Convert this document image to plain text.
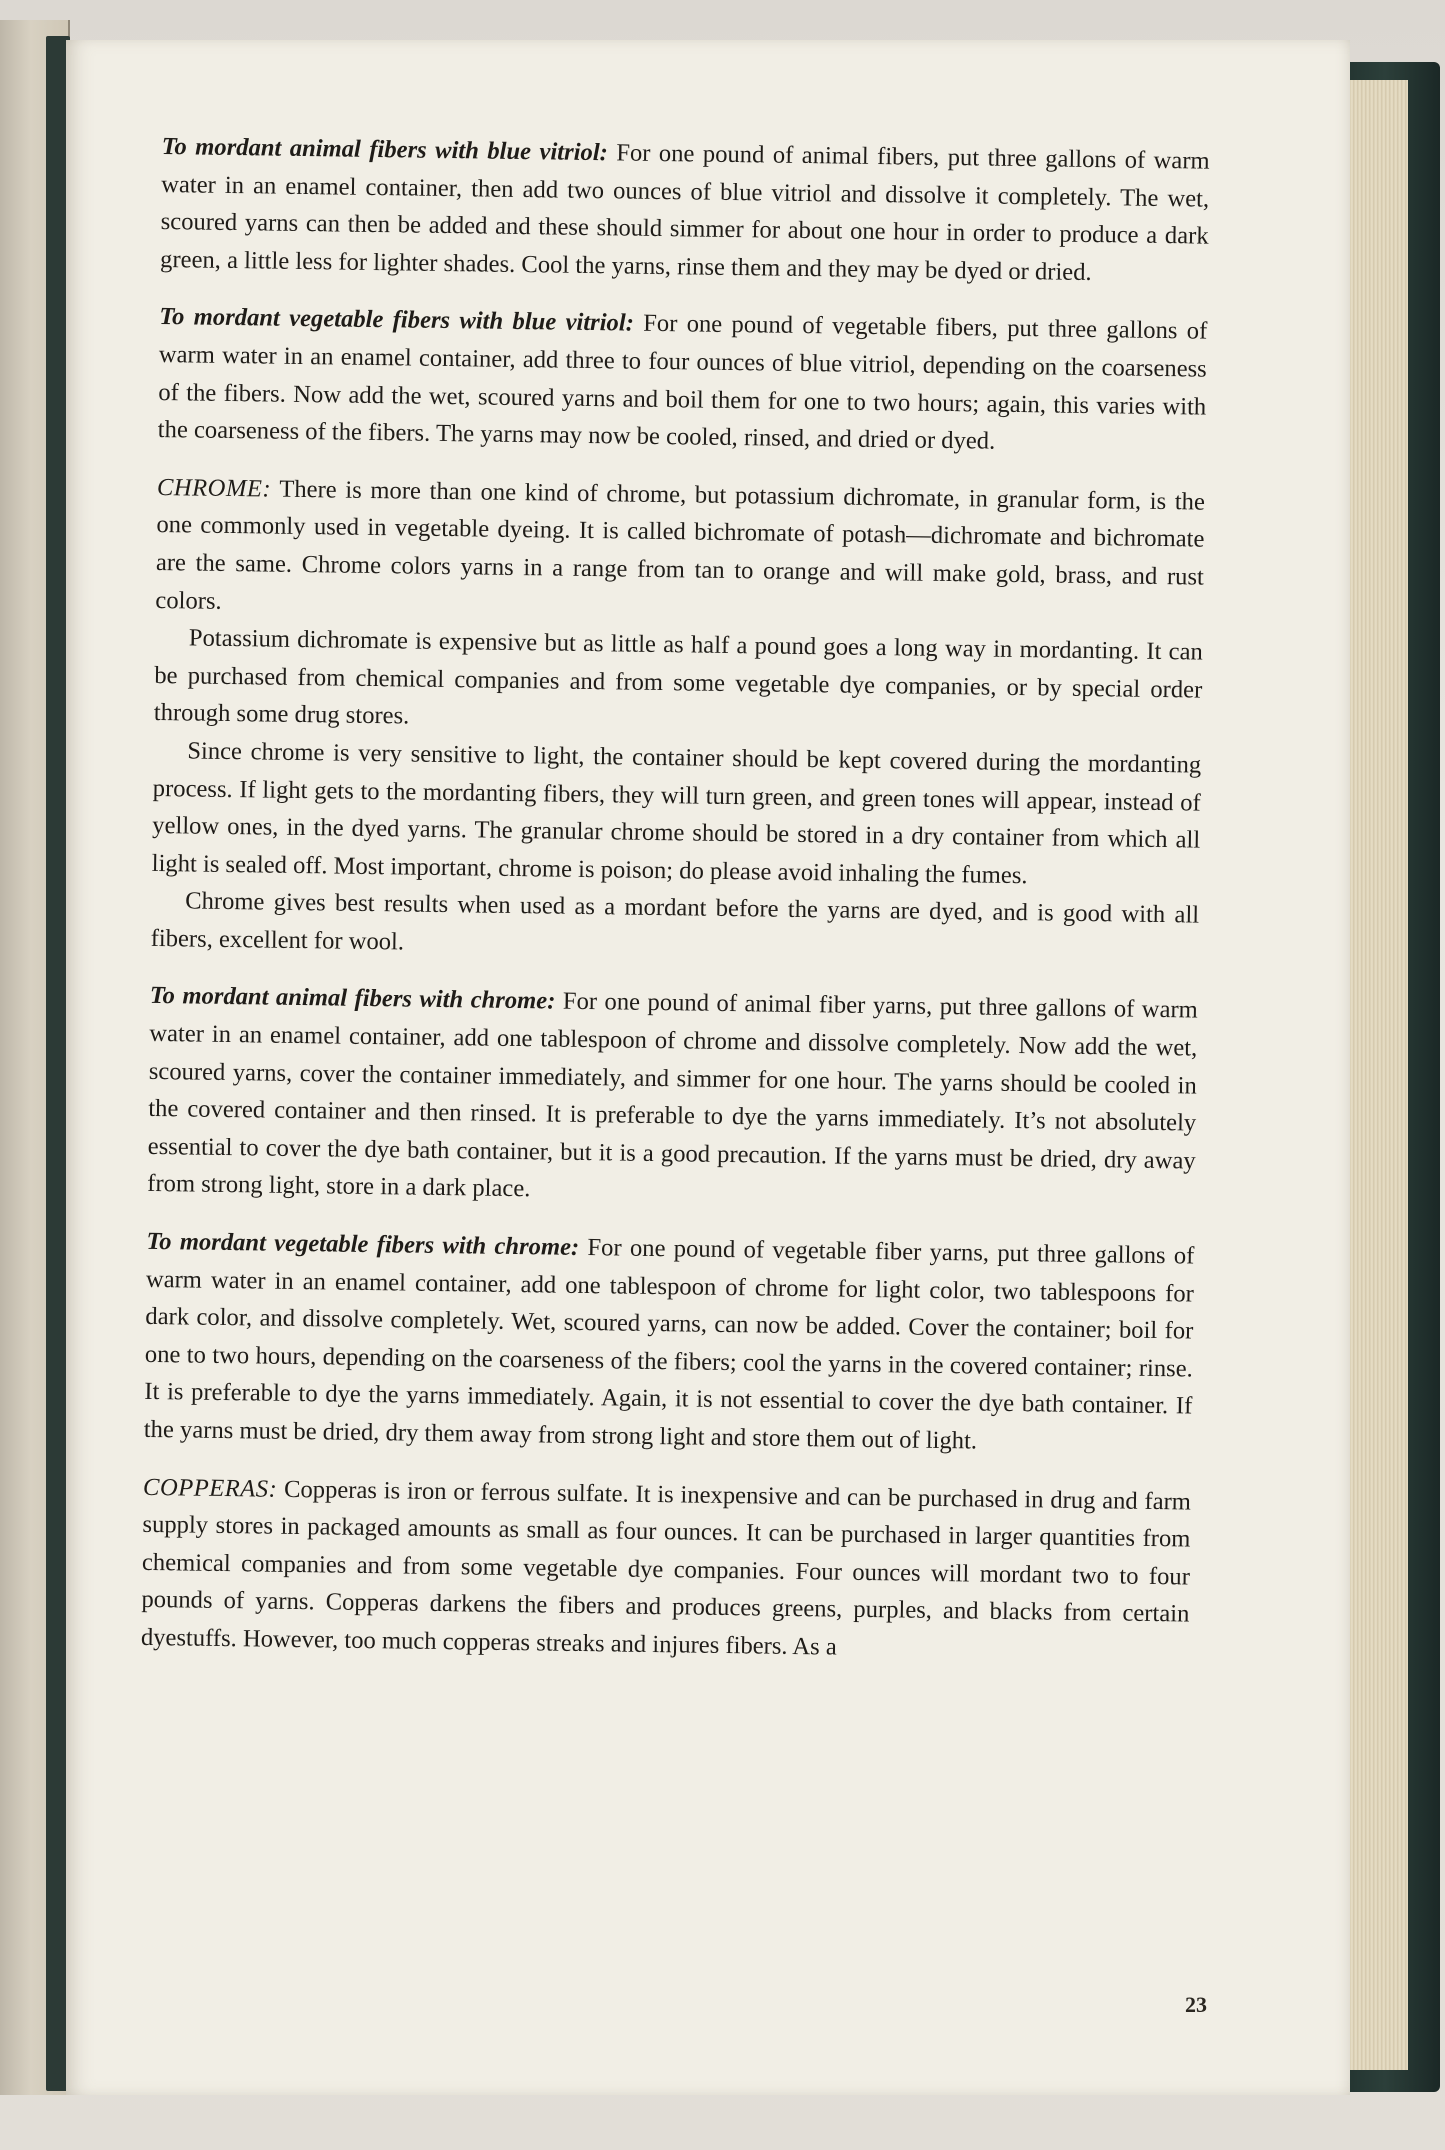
To mordant animal fibers with blue vitriol: For one pound of animal fibers, put three gallons of warm water in an enamel container, then add two ounces of blue vitriol and dissolve it completely. The wet, scoured yarns can then be added and these should simmer for about one hour in order to produce a dark green, a little less for lighter shades. Cool the yarns, rinse them and they may be dyed or dried.

To mordant vegetable fibers with blue vitriol: For one pound of vegetable fibers, put three gallons of warm water in an enamel container, add three to four ounces of blue vitriol, depending on the coarseness of the fibers. Now add the wet, scoured yarns and boil them for one to two hours; again, this varies with the coarseness of the fibers. The yarns may now be cooled, rinsed, and dried or dyed.

CHROME: There is more than one kind of chrome, but potassium dichromate, in granular form, is the one commonly used in vegetable dyeing. It is called bichromate of potash—dichromate and bichromate are the same. Chrome colors yarns in a range from tan to orange and will make gold, brass, and rust colors.

Potassium dichromate is expensive but as little as half a pound goes a long way in mordanting. It can be purchased from chemical companies and from some vegetable dye companies, or by special order through some drug stores.

Since chrome is very sensitive to light, the container should be kept covered during the mordanting process. If light gets to the mordanting fibers, they will turn green, and green tones will appear, instead of yellow ones, in the dyed yarns. The granular chrome should be stored in a dry container from which all light is sealed off. Most important, chrome is poison; do please avoid inhaling the fumes.

Chrome gives best results when used as a mordant before the yarns are dyed, and is good with all fibers, excellent for wool.

To mordant animal fibers with chrome: For one pound of animal fiber yarns, put three gallons of warm water in an enamel container, add one tablespoon of chrome and dissolve completely. Now add the wet, scoured yarns, cover the container immediately, and simmer for one hour. The yarns should be cooled in the covered container and then rinsed. It is preferable to dye the yarns immediately. It’s not absolutely essential to cover the dye bath container, but it is a good precaution. If the yarns must be dried, dry away from strong light, store in a dark place.

To mordant vegetable fibers with chrome: For one pound of vegetable fiber yarns, put three gallons of warm water in an enamel container, add one tablespoon of chrome for light color, two tablespoons for dark color, and dissolve completely. Wet, scoured yarns, can now be added. Cover the container; boil for one to two hours, depending on the coarseness of the fibers; cool the yarns in the covered container; rinse. It is preferable to dye the yarns immediately. Again, it is not essential to cover the dye bath container. If the yarns must be dried, dry them away from strong light and store them out of light.

COPPERAS: Copperas is iron or ferrous sulfate. It is inexpensive and can be purchased in drug and farm supply stores in packaged amounts as small as four ounces. It can be purchased in larger quantities from chemical companies and from some vegetable dye companies. Four ounces will mordant two to four pounds of yarns. Copperas darkens the fibers and produces greens, purples, and blacks from certain dyestuffs. However, too much copperas streaks and injures fibers. As a

23
